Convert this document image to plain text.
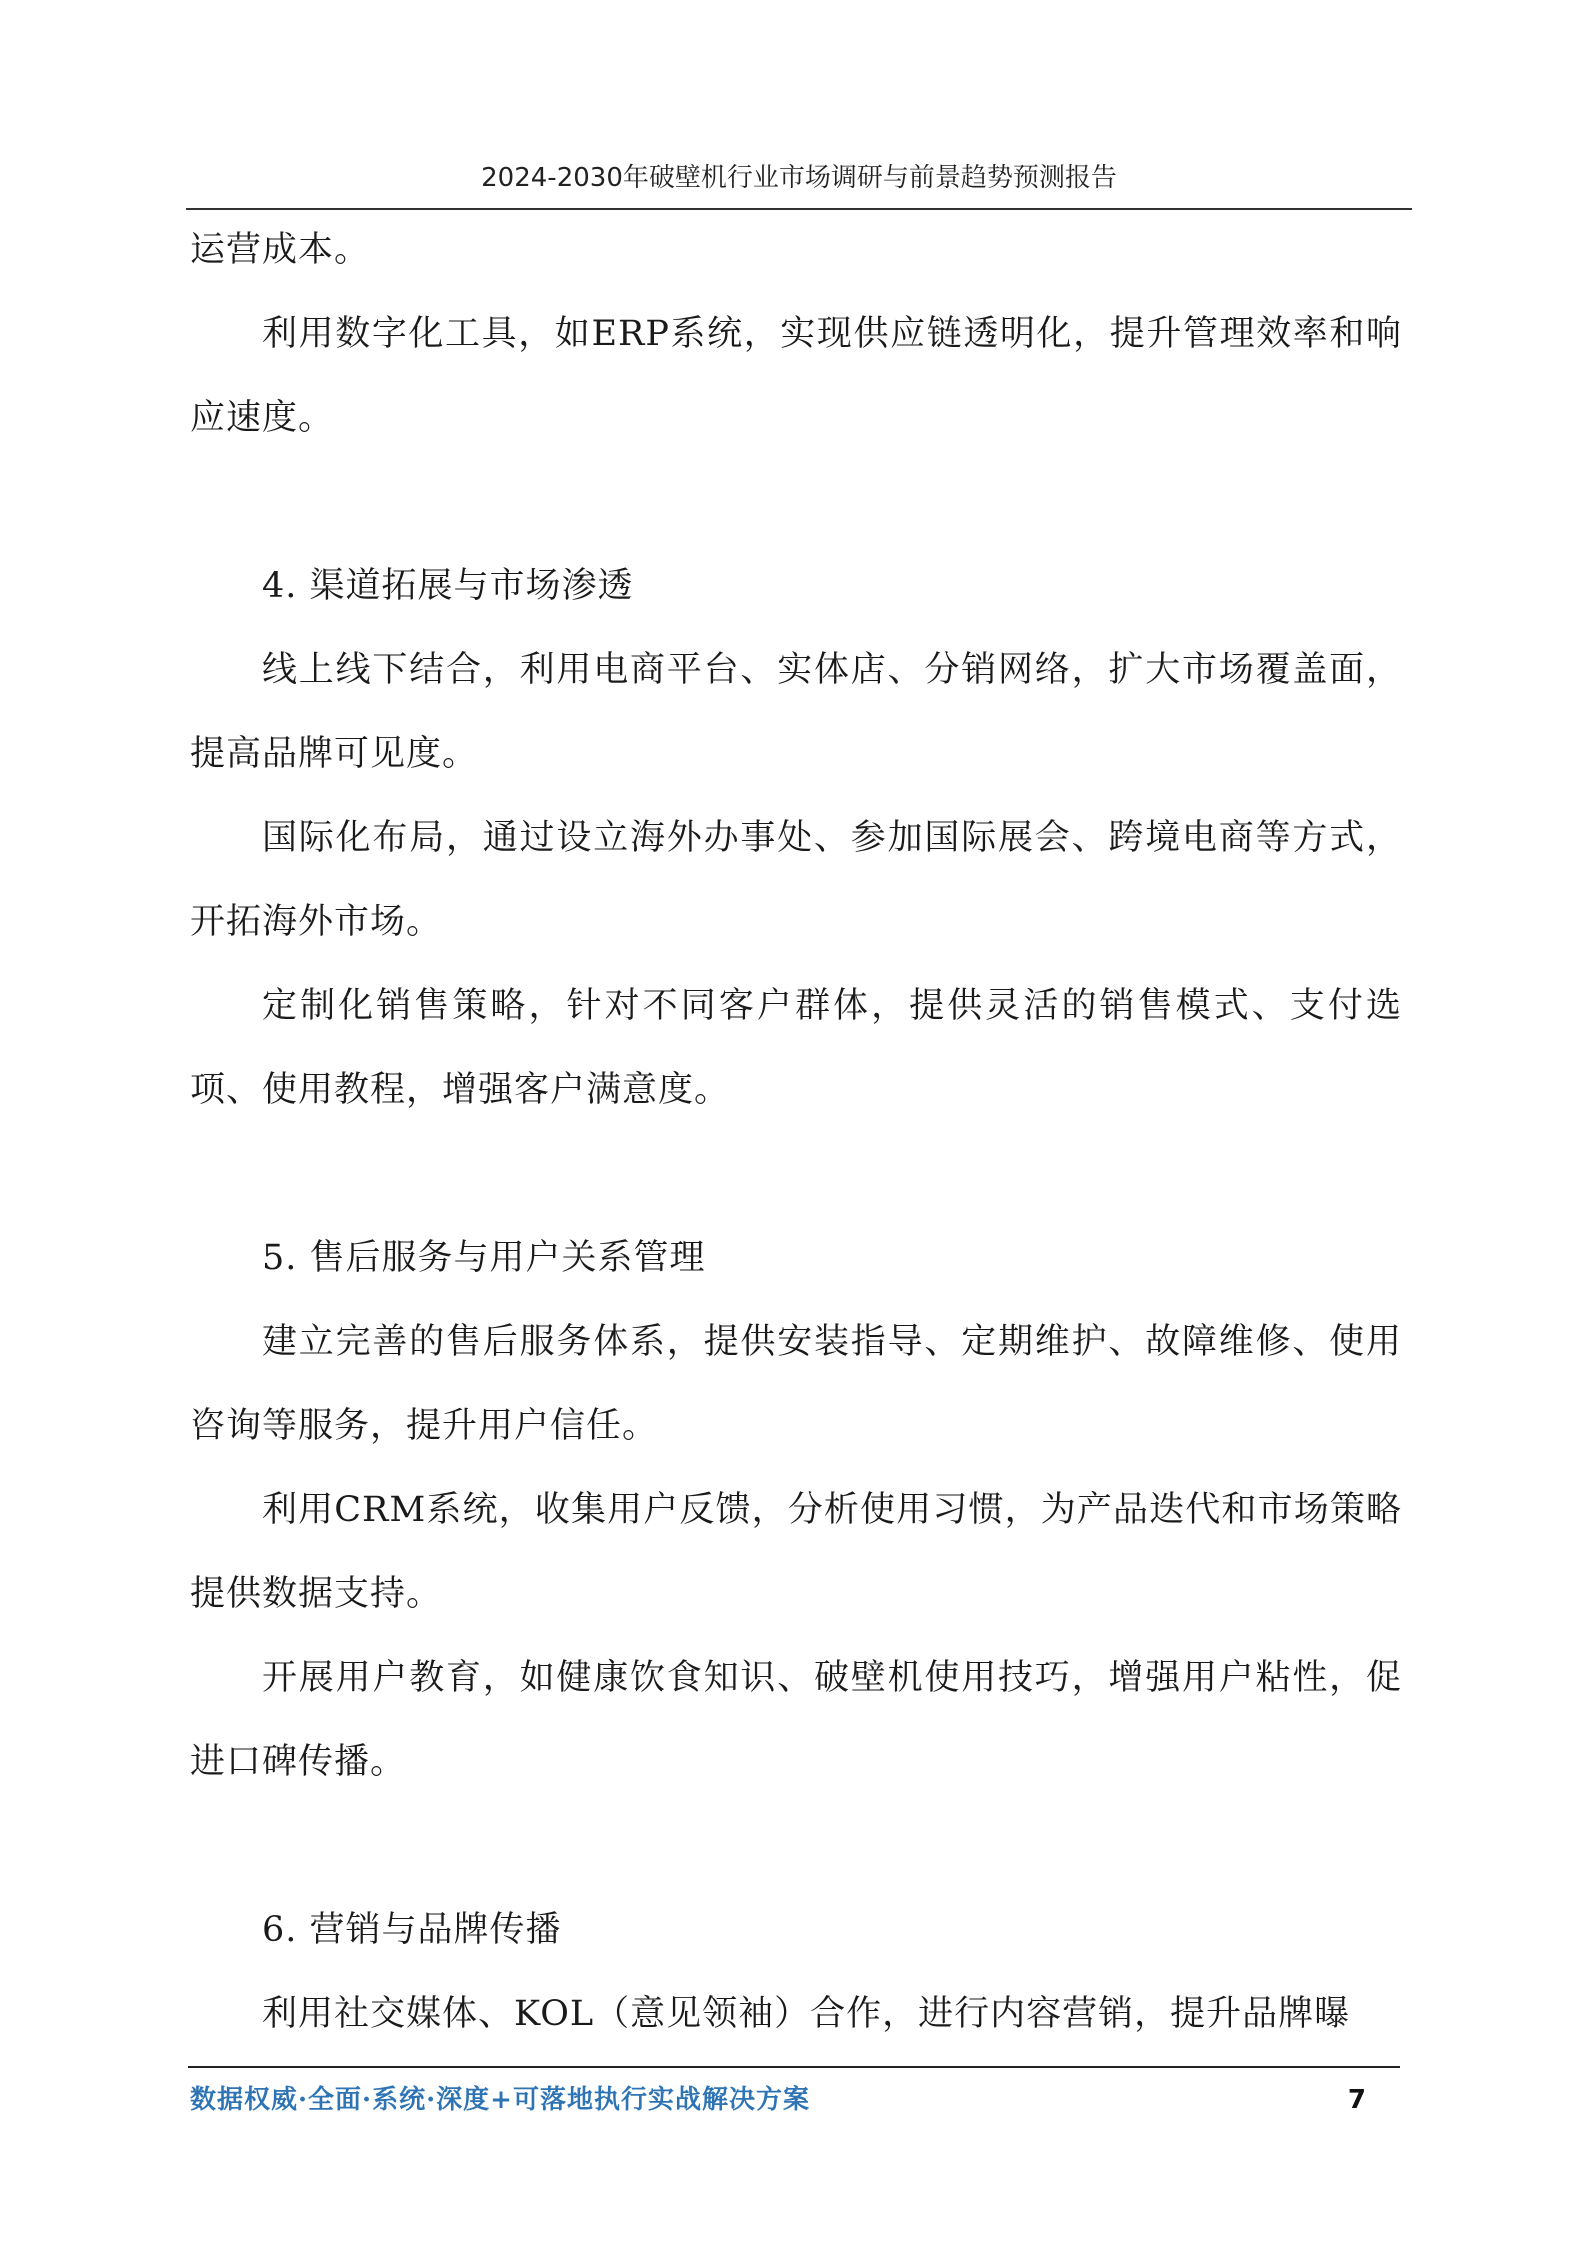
2024-2030年破壁机行业市场调研与前景趋势预测报告

运营成本。

利用数字化工具，如ERP系统，实现供应链透明化，提升管理效率和响应速度。

4. 渠道拓展与市场渗透

线上线下结合，利用电商平台、实体店、分销网络，扩大市场覆盖面，提高品牌可见度。

国际化布局，通过设立海外办事处、参加国际展会、跨境电商等方式，开拓海外市场。

定制化销售策略，针对不同客户群体，提供灵活的销售模式、支付选项、使用教程，增强客户满意度。

5. 售后服务与用户关系管理

建立完善的售后服务体系，提供安装指导、定期维护、故障维修、使用咨询等服务，提升用户信任。

利用CRM系统，收集用户反馈，分析使用习惯，为产品迭代和市场策略提供数据支持。

开展用户教育，如健康饮食知识、破壁机使用技巧，增强用户粘性，促进口碑传播。

6. 营销与品牌传播

利用社交媒体、KOL（意见领袖）合作，进行内容营销，提升品牌曝

数据权威·全面·系统·深度+可落地执行实战解决方案	7
